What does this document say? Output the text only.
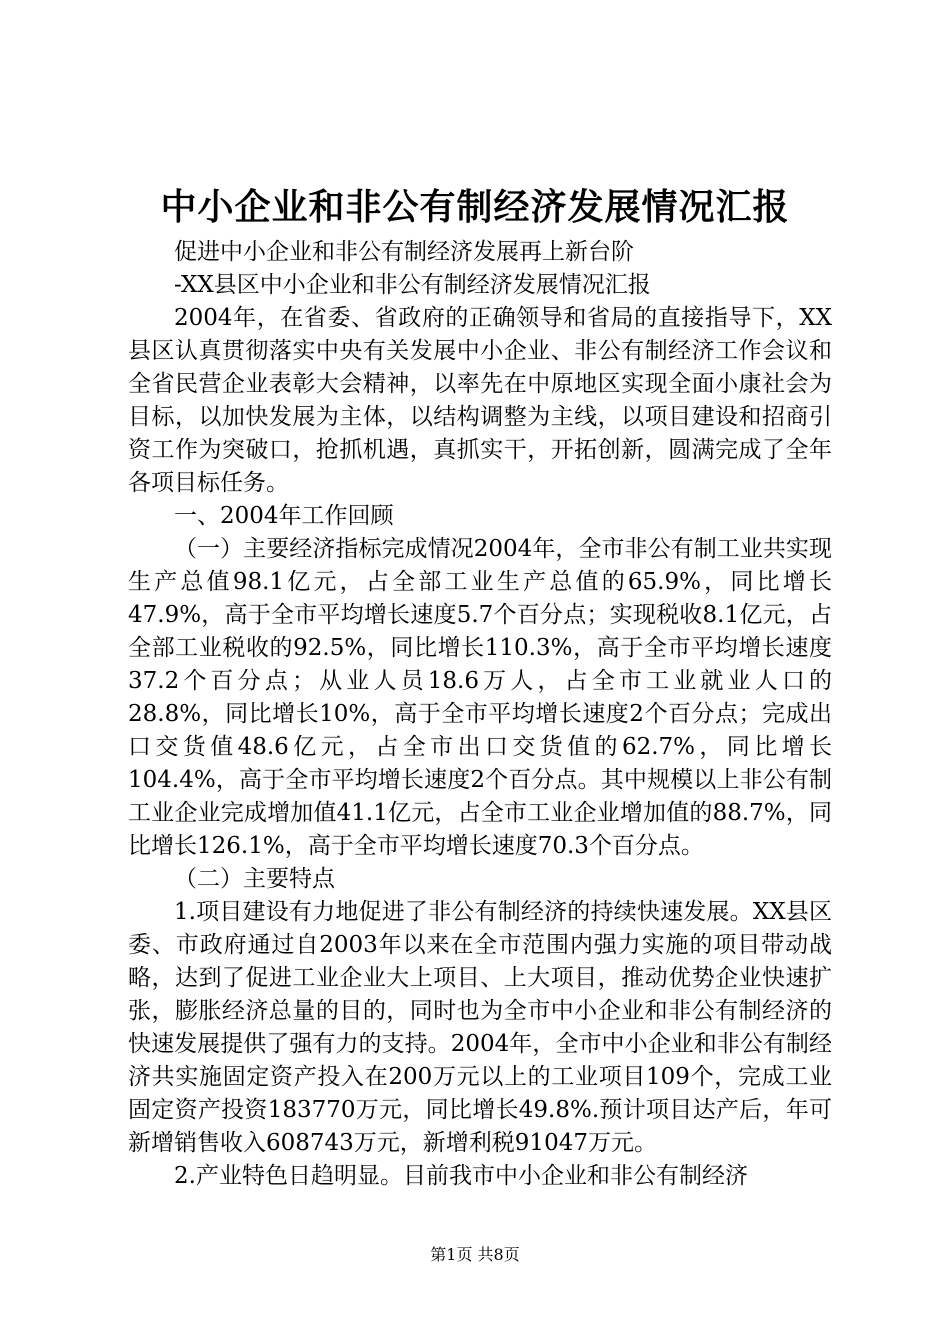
中小企业和非公有制经济发展情况汇报

促进中小企业和非公有制经济发展再上新台阶

-XX县区中小企业和非公有制经济发展情况汇报

2004年，在省委、省政府的正确领导和省局的直接指导下，XX县区认真贯彻落实中央有关发展中小企业、非公有制经济工作会议和全省民营企业表彰大会精神，以率先在中原地区实现全面小康社会为目标，以加快发展为主体，以结构调整为主线，以项目建设和招商引资工作为突破口，抢抓机遇，真抓实干，开拓创新，圆满完成了全年各项目标任务。

一、2004年工作回顾

（一）主要经济指标完成情况2004年，全市非公有制工业共实现生产总值98.1亿元，占全部工业生产总值的65.9%，同比增长47.9%，高于全市平均增长速度5.7个百分点；实现税收8.1亿元，占全部工业税收的92.5%，同比增长110.3%，高于全市平均增长速度37.2个百分点；从业人员18.6万人，占全市工业就业人口的28.8%，同比增长10%，高于全市平均增长速度2个百分点；完成出口交货值48.6亿元，占全市出口交货值的62.7%，同比增长104.4%，高于全市平均增长速度2个百分点。其中规模以上非公有制工业企业完成增加值41.1亿元，占全市工业企业增加值的88.7%，同比增长126.1%，高于全市平均增长速度70.3个百分点。

（二）主要特点

1.项目建设有力地促进了非公有制经济的持续快速发展。XX县区委、市政府通过自2003年以来在全市范围内强力实施的项目带动战略，达到了促进工业企业大上项目、上大项目，推动优势企业快速扩张，膨胀经济总量的目的，同时也为全市中小企业和非公有制经济的快速发展提供了强有力的支持。2004年，全市中小企业和非公有制经济共实施固定资产投入在200万元以上的工业项目109个，完成工业固定资产投资183770万元，同比增长49.8%.预计项目达产后，年可新增销售收入608743万元，新增利税91047万元。

2.产业特色日趋明显。目前我市中小企业和非公有制经济

第1页 共8页
